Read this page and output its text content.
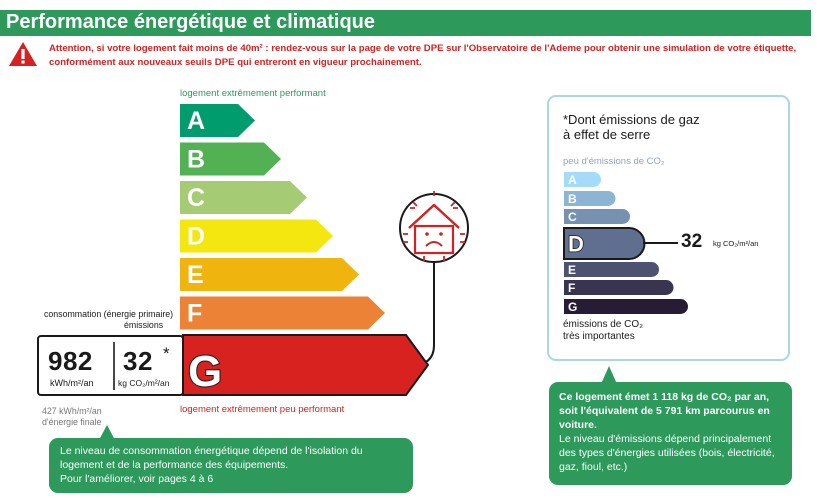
Performance énergétique et climatique
Attention, si votre logement fait moins de 40m² : rendez-vous sur la page de votre DPE sur l'Observatoire de l'Ademe pour obtenir une simulation de votre étiquette, conformément aux nouveaux seuils DPE qui entreront en vigueur prochainement.
logement extrêmement performant
logement extrêmement peu performant
A
B
C
D
E
F
G
consommation (énergie primaire)
émissions
982
kWh/m²/an
32 *
kg CO₂/m²/an
427 kWh/m²/an
d'énergie finale
*Dont émissions de gaz
à effet de serre
peu d'émissions de CO₂
A
B
C
D
E
F
G
32 kg CO₂/m²/an
émissions de CO₂
très importantes
Le niveau de consommation énergétique dépend de l'isolation du logement et de la performance des équipements.
Pour l'améliorer, voir pages 4 à 6
Ce logement émet 1 118 kg de CO₂ par an, soit l'équivalent de 5 791 km parcourus en voiture.
Le niveau d'émissions dépend principalement des types d'énergies utilisées (bois, électricité, gaz, fioul, etc.)
